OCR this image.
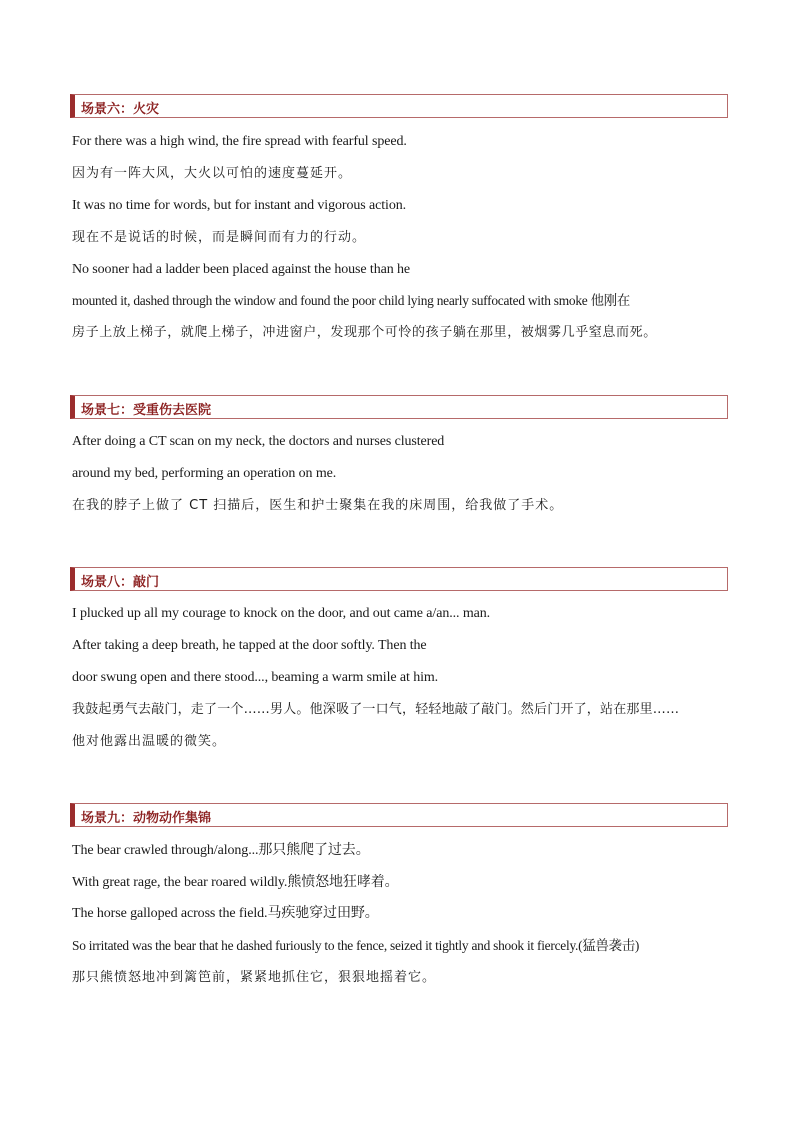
场景六：火灾
For there was a high wind, the fire spread with fearful speed.
因为有一阵大风，大火以可怕的速度蔓延开。
It was no time for words, but for instant and vigorous action.
现在不是说话的时候，而是瞬间而有力的行动。
No sooner had a ladder been placed against the house than he
mounted it, dashed through the window and found the poor child lying nearly suffocated with smoke 他刚在
房子上放上梯子，就爬上梯子，冲进窗户，发现那个可怜的孩子躺在那里，被烟雾几乎窒息而死。
场景七：受重伤去医院
After doing a CT scan on my neck, the doctors and nurses clustered
around my bed, performing an operation on me.
在我的脖子上做了 CT 扫描后，医生和护士聚集在我的床周围，给我做了手术。
场景八：敲门
I plucked up all my courage to knock on the door, and out came a/an... man.
After taking a deep breath, he tapped at the door softly. Then the
door swung open and there stood..., beaming a warm smile at him.
我鼓起勇气去敲门，走了一个……男人。他深吸了一口气，轻轻地敲了敲门。然后门开了，站在那里……
他对他露出温暖的微笑。
场景九：动物动作集锦
The bear crawled through/along...那只熊爬了过去。
With great rage, the bear roared wildly.熊愤怒地狂哮着。
The horse galloped across the field.马疾驰穿过田野。
So irritated was the bear that he dashed furiously to the fence, seized it tightly and shook it fiercely.(猛兽袭击)
那只熊愤怒地冲到篱笆前，紧紧地抓住它，狠狠地摇着它。
